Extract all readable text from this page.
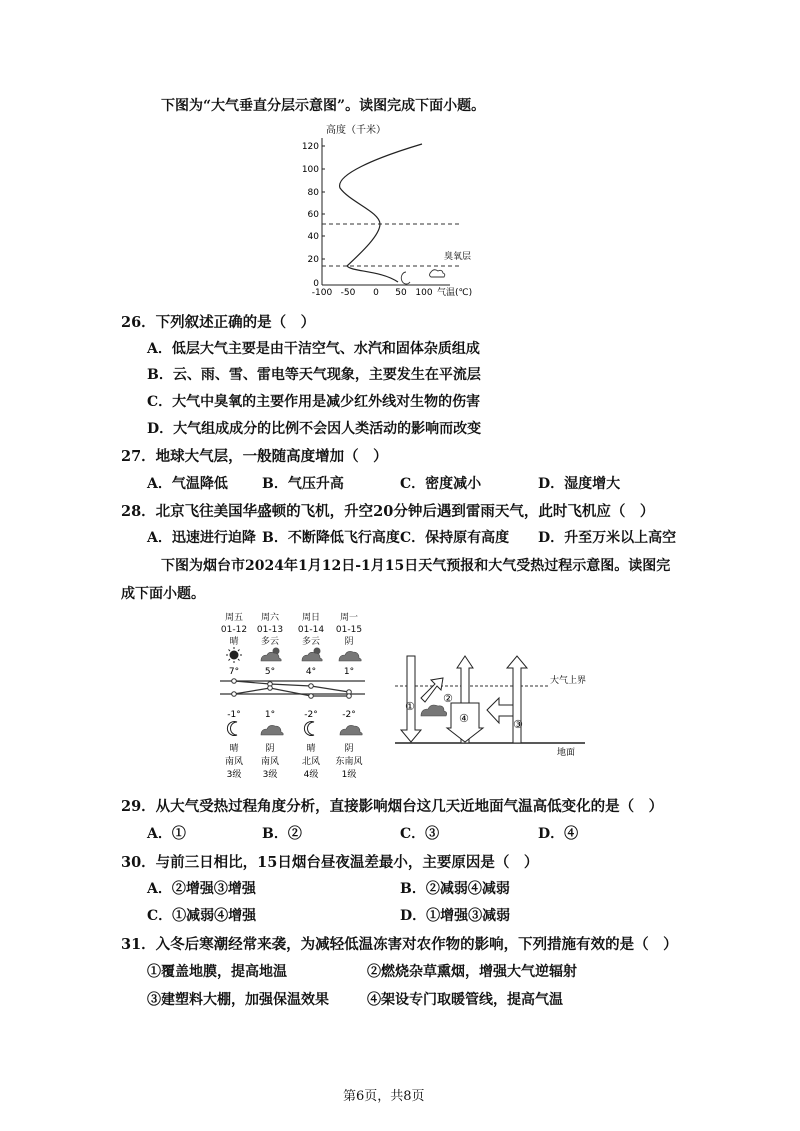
下图为“大气垂直分层示意图”。读图完成下面小题。
高度（千米）
120
100
80
60
40
20
0
-100 -50 0 50 100 气温(℃)
臭氧层
26．下列叙述正确的是（　）
A．低层大气主要是由干洁空气、水汽和固体杂质组成
B．云、雨、雪、雷电等天气现象，主要发生在平流层
C．大气中臭氧的主要作用是减少红外线对生物的伤害
D．大气组成成分的比例不会因人类活动的影响而改变
27．地球大气层，一般随高度增加（　）
A．气温降低 B．气压升高	C．密度减小	D．湿度增大
28．北京飞往美国华盛顿的飞机，升空20分钟后遇到雷雨天气，此时飞机应（　）
A．迅速进行迫降 B．不断降低飞行高度 C．保持原有高度 D．升至万米以上高空
下图为烟台市2024年1月12日-1月15日天气预报和大气受热过程示意图。读图完
成下面小题。
周五 周六	周日 周一
01-12 01-13 01-14 01-15
晴 多云	多云	阴
7°	5°	4°	1°
-1°	1°	-2°	-2°
晴	阴	晴	阴
南风 南风	北风 东南风
3级 3级	4级	1级
大气上界
地面
①
②
④	③
29．从大气受热过程角度分析，直接影响烟台这几天近地面气温高低变化的是（　）
A．①	B．②	C．③	D．④
30．与前三日相比，15日烟台昼夜温差最小，主要原因是（　）
A．②增强③增强	B．②减弱④减弱
C．①减弱④增强	D．①增强③减弱
31．入冬后寒潮经常来袭，为减轻低温冻害对农作物的影响，下列措施有效的是（　）
①覆盖地膜，提高地温	②燃烧杂草熏烟，增强大气逆辐射
③建塑料大棚，加强保温效果	④架设专门取暖管线，提高气温
第6页，共8页
